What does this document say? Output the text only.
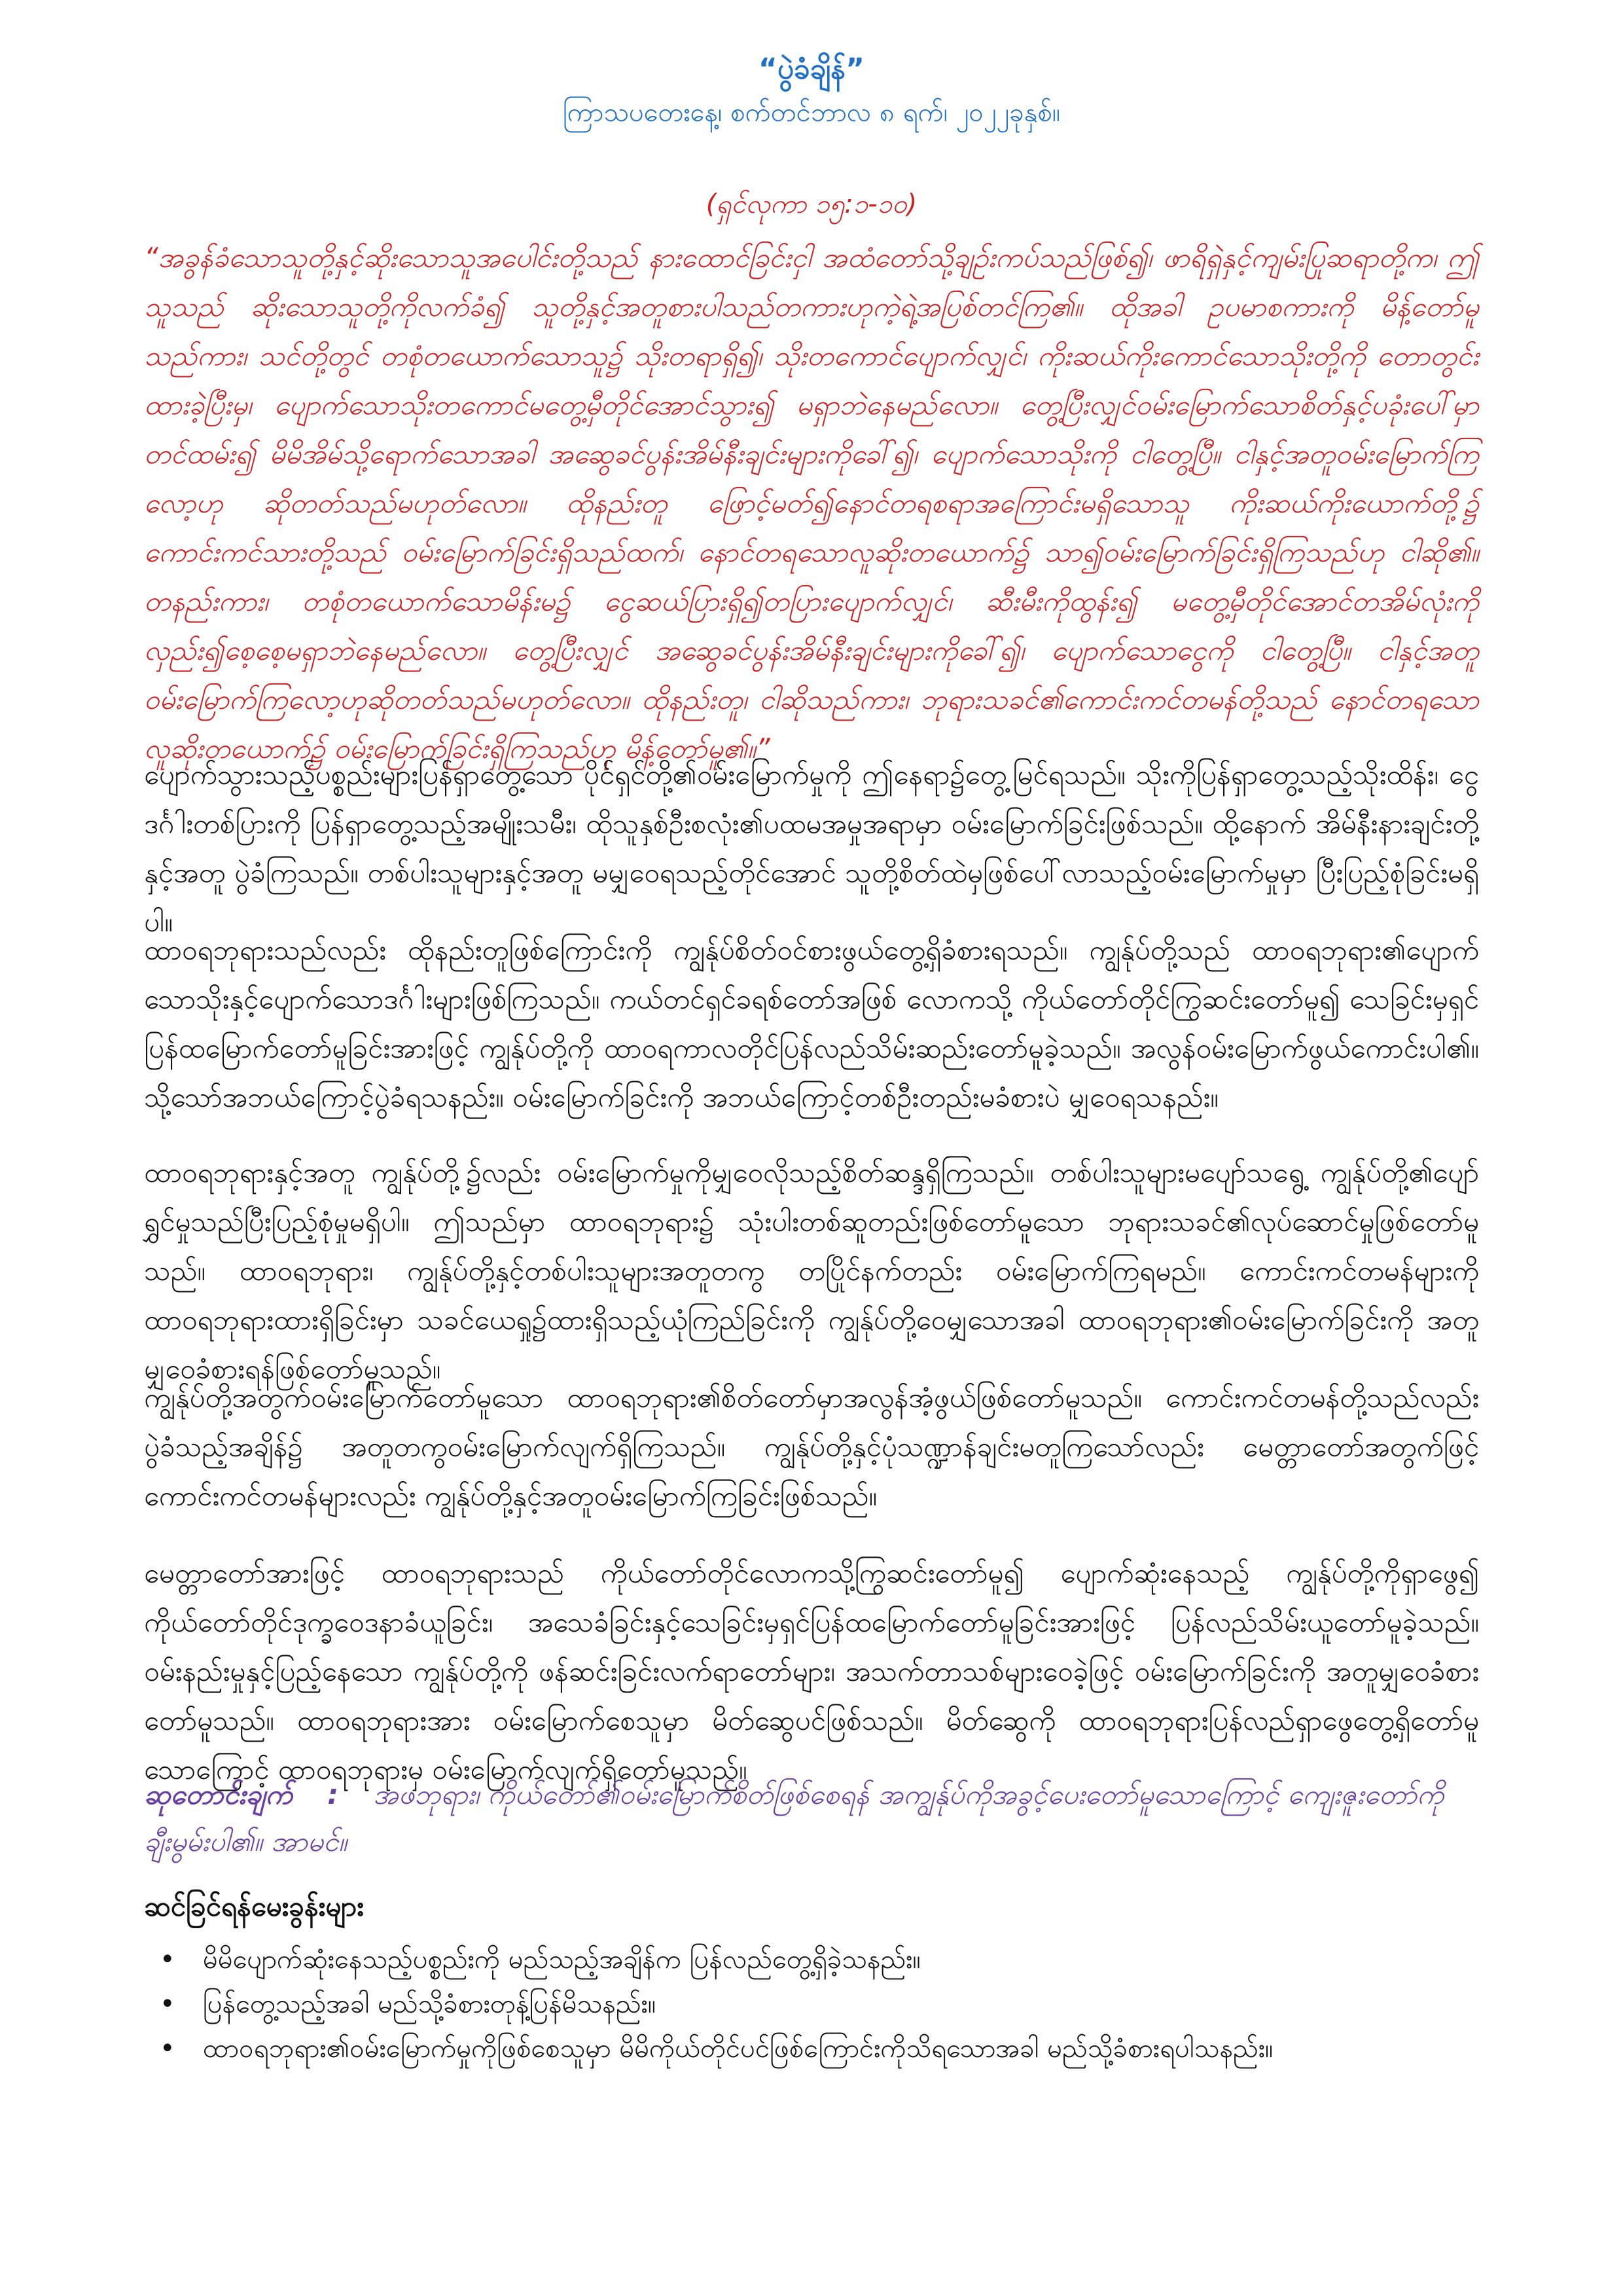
“ပွဲခံချိန်”
ကြာသပတေးနေ့၊ စက်တင်ဘာလ ၈ ရက်၊ ၂၀၂၂ခုနှစ်။
(ရှင်လုကာ ၁၅:၁-၁၀)
“အခွန်ခံသောသူတို့နှင့်ဆိုးသောသူအပေါင်းတို့သည် နားထောင်ခြင်းငှါ အထံတော်သို့ချဉ်းကပ်သည်ဖြစ်၍၊ ဖာရိရှဲနှင့်ကျမ်းပြုဆရာတို့က၊ ဤသူသည် ဆိုးသောသူတို့ကိုလက်ခံ၍ သူတို့နှင့်အတူစားပါသည်တကားဟုကဲ့ရဲ့အပြစ်တင်ကြ၏။ ထိုအခါ ဥပမာစကားကို မိန့်တော်မူသည်ကား၊ သင်တို့တွင် တစုံတယောက်သောသူ၌ သိုးတရာရှိ၍၊ သိုးတကောင်ပျောက်လျှင်၊ ကိုးဆယ်ကိုးကောင်သောသိုးတို့ကို တောတွင်းထားခဲ့ပြီးမှ၊ ပျောက်သောသိုးတကောင်မတွေ့မှီတိုင်အောင်သွား၍ မရှာဘဲနေမည်လော။ တွေ့ပြီးလျှင်ဝမ်းမြောက်သောစိတ်နှင့်ပခုံးပေါ်မှာတင်ထမ်း၍ မိမိအိမ်သို့ရောက်သောအခါ အဆွေခင်ပွန်းအိမ်နီးချင်းများကိုခေါ်၍၊ ပျောက်သောသိုးကို ငါတွေ့ပြီ။ ငါနှင့်အတူဝမ်းမြောက်ကြလော့ဟု ဆိုတတ်သည်မဟုတ်လော။ ထိုနည်းတူ ဖြောင့်မတ်၍နောင်တရစရာအကြောင်းမရှိသောသူ ကိုးဆယ်ကိုးယောက်တို့၌ ကောင်းကင်သားတို့သည် ဝမ်းမြောက်ခြင်းရှိသည်ထက်၊ နောင်တရသောလူဆိုးတယောက်၌ သာ၍ဝမ်းမြောက်ခြင်းရှိကြသည်ဟု ငါဆို၏။ တနည်းကား၊ တစုံတယောက်သောမိန်းမ၌ ငွေဆယ်ပြားရှိ၍တပြားပျောက်လျှင်၊ ဆီးမီးကိုထွန်း၍ မတွေ့မှီတိုင်အောင်တအိမ်လုံးကိုလှည်း၍စေ့စေ့မရှာဘဲနေမည်လော။ တွေ့ပြီးလျှင် အဆွေခင်ပွန်းအိမ်နီးချင်းများကိုခေါ်၍၊ ပျောက်သောငွေကို ငါတွေ့ပြီ။ ငါနှင့်အတူဝမ်းမြောက်ကြလော့ဟုဆိုတတ်သည်မဟုတ်လော။ ထိုနည်းတူ၊ ငါဆိုသည်ကား၊ ဘုရားသခင်၏ကောင်းကင်တမန်တို့သည် နောင်တရသောလူဆိုးတယောက်၌ ဝမ်းမြောက်ခြင်းရှိကြသည်ဟု မိန့်တော်မူ၏။”
ပျောက်သွားသည့်ပစ္စည်းများပြန်ရှာတွေ့သော ပိုင်ရှင်တို့၏ဝမ်းမြောက်မှုကို ဤနေရာ၌တွေ့မြင်ရသည်။ သိုးကိုပြန်ရှာတွေ့သည့်သိုးထိန်း၊ ငွေဒင်္ဂါးတစ်ပြားကို ပြန်ရှာတွေ့သည့်အမျိုးသမီး၊ ထိုသူနှစ်ဦးစလုံး၏ပထမအမှုအရာမှာ ဝမ်းမြောက်ခြင်းဖြစ်သည်။ ထို့နောက် အိမ်နီးနားချင်းတို့နှင့်အတူ ပွဲခံကြသည်။ တစ်ပါးသူများနှင့်အတူ မမျှဝေရသည့်တိုင်အောင် သူတို့စိတ်ထဲမှဖြစ်ပေါ်လာသည့်ဝမ်းမြောက်မှုမှာ ပြီးပြည့်စုံခြင်းမရှိပါ။
ထာဝရဘုရားသည်လည်း ထိုနည်းတူဖြစ်ကြောင်းကို ကျွန်ုပ်စိတ်ဝင်စားဖွယ်တွေ့ရှိခံစားရသည်။ ကျွန်ုပ်တို့သည် ထာဝရဘုရား၏ပျောက်သောသိုးနှင့်ပျောက်သောဒင်္ဂါးများဖြစ်ကြသည်။ ကယ်တင်ရှင်ခရစ်တော်အဖြစ် လောကသို့ ကိုယ်တော်တိုင်ကြွဆင်းတော်မူ၍ သေခြင်းမှရှင်ပြန်ထမြောက်တော်မူခြင်းအားဖြင့် ကျွန်ုပ်တို့ကို ထာဝရကာလတိုင်ပြန်လည်သိမ်းဆည်းတော်မူခဲ့သည်။ အလွန်ဝမ်းမြောက်ဖွယ်ကောင်းပါ၏။ သို့သော်အဘယ်ကြောင့်ပွဲခံရသနည်း။ ဝမ်းမြောက်ခြင်းကို အဘယ်ကြောင့်တစ်ဦးတည်းမခံစားပဲ မျှဝေရသနည်း။
ထာဝရဘုရားနှင့်အတူ ကျွန်ုပ်တို့၌လည်း ဝမ်းမြောက်မှုကိုမျှဝေလိုသည့်စိတ်ဆန္ဒရှိကြသည်။ တစ်ပါးသူများမပျော်သရွေ့ ကျွန်ုပ်တို့၏ပျော်ရွှင်မှုသည်ပြီးပြည့်စုံမှုမရှိပါ။ ဤသည်မှာ ထာဝရဘုရား၌ သုံးပါးတစ်ဆူတည်းဖြစ်တော်မူသော ဘုရားသခင်၏လုပ်ဆောင်မှုဖြစ်တော်မူသည်။ ထာဝရဘုရား၊ ကျွန်ုပ်တို့နှင့်တစ်ပါးသူများအတူတကွ တပြိုင်နက်တည်း ဝမ်းမြောက်ကြရမည်။ ကောင်းကင်တမန်များကို ထာဝရဘုရားထားရှိခြင်းမှာ သခင်ယေရှု၌ထားရှိသည့်ယုံကြည်ခြင်းကို ကျွန်ုပ်တို့ဝေမျှသောအခါ ထာဝရဘုရား၏ဝမ်းမြောက်ခြင်းကို အတူမျှဝေခံစားရန်ဖြစ်တော်မူသည်။
ကျွန်ုပ်တို့အတွက်ဝမ်းမြောက်တော်မူသော ထာဝရဘုရား၏စိတ်တော်မှာအလွန်အံ့ဖွယ်ဖြစ်တော်မူသည်။ ကောင်းကင်တမန်တို့သည်လည်း ပွဲခံသည့်အချိန်၌ အတူတကွဝမ်းမြောက်လျက်ရှိကြသည်။ ကျွန်ုပ်တို့နှင့်ပုံသဏ္ဍာန်ချင်းမတူကြသော်လည်း မေတ္တာတော်အတွက်ဖြင့် ကောင်းကင်တမန်များလည်း ကျွန်ုပ်တို့နှင့်အတူဝမ်းမြောက်ကြခြင်းဖြစ်သည်။
မေတ္တာတော်အားဖြင့် ထာဝရဘုရားသည် ကိုယ်တော်တိုင်လောကသို့ကြွဆင်းတော်မူ၍ ပျောက်ဆုံးနေသည့် ကျွန်ုပ်တို့ကိုရှာဖွေ၍ ကိုယ်တော်တိုင်ဒုက္ခဝေဒနာခံယူခြင်း၊ အသေခံခြင်းနှင့်သေခြင်းမှရှင်ပြန်ထမြောက်တော်မူခြင်းအားဖြင့် ပြန်လည်သိမ်းယူတော်မူခဲ့သည်။ ဝမ်းနည်းမှုနှင့်ပြည့်နေသော ကျွန်ုပ်တို့ကို ဖန်ဆင်းခြင်းလက်ရာတော်များ၊ အသက်တာသစ်များဝေခဲ့ဖြင့် ဝမ်းမြောက်ခြင်းကို အတူမျှဝေခံစားတော်မူသည်။ ထာဝရဘုရားအား ဝမ်းမြောက်စေသူမှာ မိတ်ဆွေပင်ဖြစ်သည်။ မိတ်ဆွေကို ထာဝရဘုရားပြန်လည်ရှာဖွေတွေ့ရှိတော်မူသောကြောင့် ထာဝရဘုရားမှ ဝမ်းမြောက်လျက်ရှိတော်မူသည်။
ဆုတောင်းချက် : အဖဘုရား၊ ကိုယ်တော်၏ဝမ်းမြောက်စိတ်ဖြစ်စေရန် အကျွန်ုပ်ကိုအခွင့်ပေးတော်မူသောကြောင့် ကျေးဇူးတော်ကိုချီးမွမ်းပါ၏။ အာမင်။
ဆင်ခြင်ရန်မေးခွန်းများ
• မိမိပျောက်ဆုံးနေသည့်ပစ္စည်းကို မည်သည့်အချိန်က ပြန်လည်တွေ့ရှိခဲ့သနည်း။
• ပြန်တွေ့သည့်အခါ မည်သို့ခံစားတုန့်ပြန်မိသနည်း။
• ထာဝရဘုရား၏ဝမ်းမြောက်မှုကိုဖြစ်စေသူမှာ မိမိကိုယ်တိုင်ပင်ဖြစ်ကြောင်းကိုသိရသောအခါ မည်သို့ခံစားရပါသနည်း။
